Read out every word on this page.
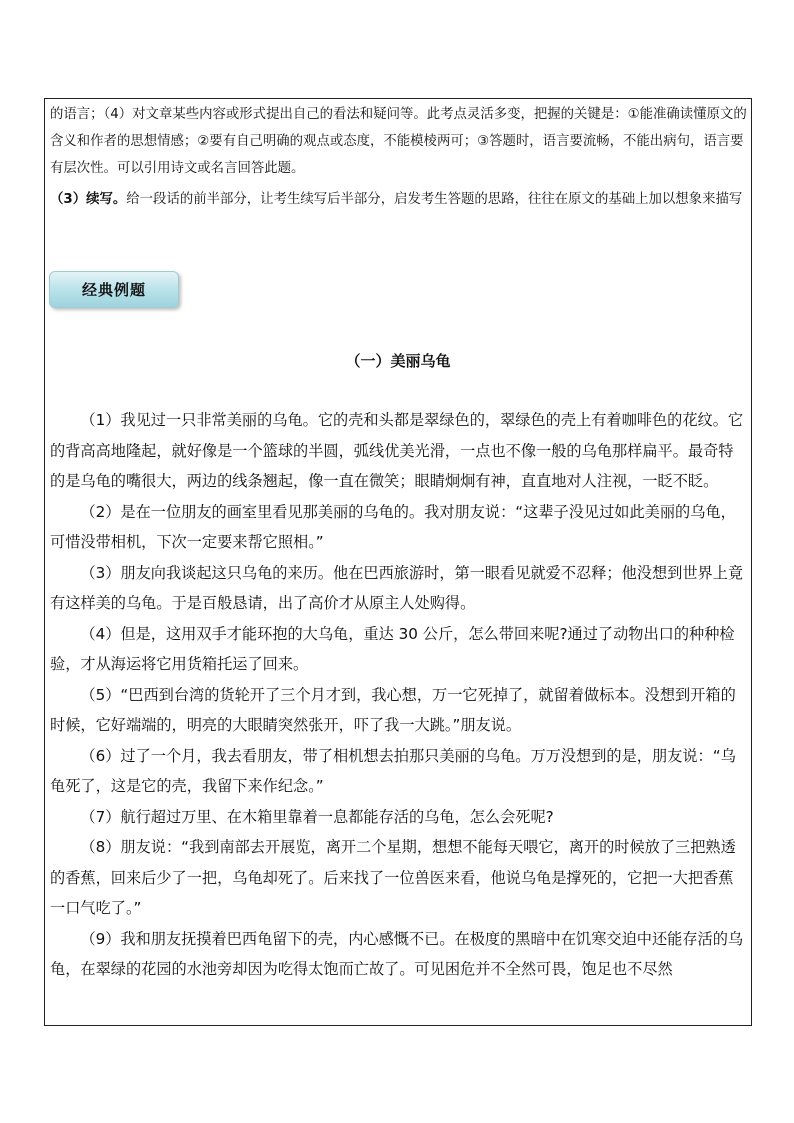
的语言；（4）对文章某些内容或形式提出自己的看法和疑问等。此考点灵活多变，把握的关键是：①能准确读懂原文的含义和作者的思想情感；②要有自己明确的观点或态度，不能模棱两可；③答题时，语言要流畅，不能出病句，语言要有层次性。可以引用诗文或名言回答此题。

（3）续写。给一段话的前半部分，让考生续写后半部分，启发考生答题的思路，往往在原文的基础上加以想象来描写

经典例题
（一）美丽乌龟

（1）我见过一只非常美丽的乌龟。它的壳和头都是翠绿色的，翠绿色的壳上有着咖啡色的花纹。它的背高高地隆起，就好像是一个篮球的半圆，弧线优美光滑，一点也不像一般的乌龟那样扁平。最奇特的是乌龟的嘴很大，两边的线条翘起，像一直在微笑；眼睛炯炯有神，直直地对人注视，一眨不眨。

（2）是在一位朋友的画室里看见那美丽的乌龟的。我对朋友说：“这辈子没见过如此美丽的乌龟，可惜没带相机，下次一定要来帮它照相。”

（3）朋友向我谈起这只乌龟的来历。他在巴西旅游时，第一眼看见就爱不忍释；他没想到世界上竟有这样美的乌龟。于是百般恳请，出了高价才从原主人处购得。

（4）但是，这用双手才能环抱的大乌龟，重达 30 公斤，怎么带回来呢?通过了动物出口的种种检验，才从海运将它用货箱托运了回来。

（5）“巴西到台湾的货轮开了三个月才到，我心想，万一它死掉了，就留着做标本。没想到开箱的时候，它好端端的，明亮的大眼睛突然张开，吓了我一大跳。”朋友说。

（6）过了一个月，我去看朋友，带了相机想去拍那只美丽的乌龟。万万没想到的是，朋友说：“乌龟死了，这是它的壳，我留下来作纪念。”

（7）航行超过万里、在木箱里靠着一息都能存活的乌龟，怎么会死呢?

（8）朋友说：“我到南部去开展览，离开二个星期，想想不能每天喂它，离开的时候放了三把熟透的香蕉，回来后少了一把，乌龟却死了。后来找了一位兽医来看，他说乌龟是撑死的，它把一大把香蕉一口气吃了。”

（9）我和朋友抚摸着巴西龟留下的壳，内心感慨不已。在极度的黑暗中在饥寒交迫中还能存活的乌龟，在翠绿的花园的水池旁却因为吃得太饱而亡故了。可见困危并不全然可畏，饱足也不尽然
